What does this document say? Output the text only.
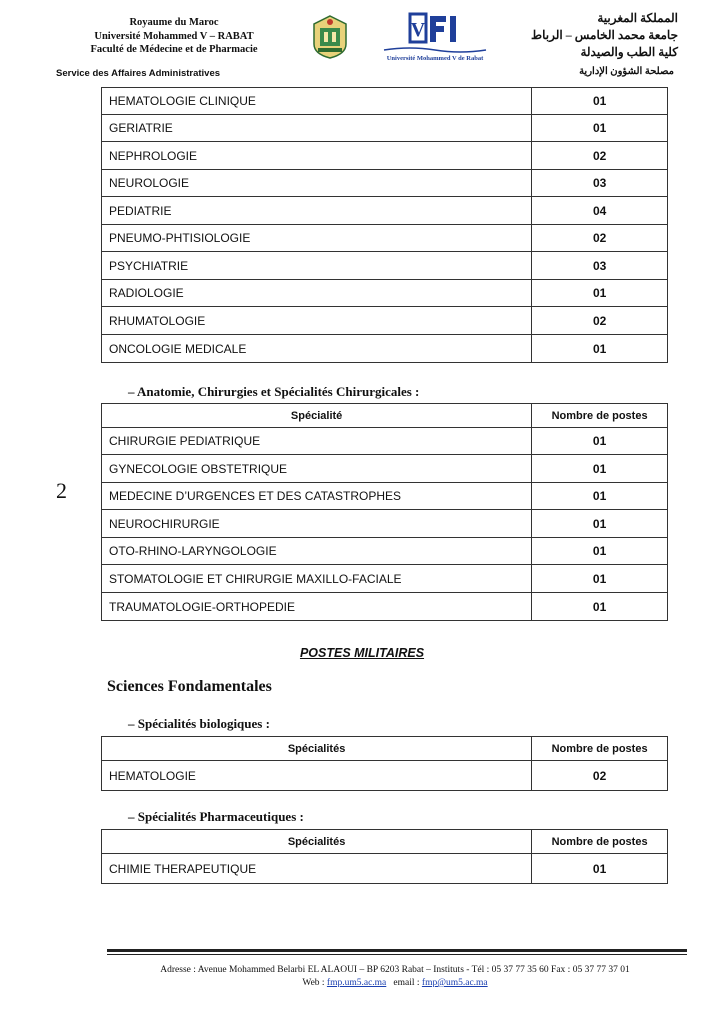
Royaume du Maroc
Université Mohammed V – RABAT
Faculté de Médecine et de Pharmacie
Service des Affaires Administratives
V
Université Mohammed V de Rabat
المملكة المغربية
جامعة محمد الخامس – الرباط
كلية الطب والصيدلة
مصلحة الشؤون الإدارية
HEMATOLOGIE CLINIQUE	01
GERIATRIE	01
NEPHROLOGIE	02
NEUROLOGIE	03
PEDIATRIE	04
PNEUMO-PHTISIOLOGIE	02
PSYCHIATRIE	03
RADIOLOGIE	01
RHUMATOLOGIE	02
ONCOLOGIE MEDICALE	01
– Anatomie, Chirurgies et Spécialités Chirurgicales :
Spécialité	Nombre de postes
CHIRURGIE PEDIATRIQUE	01
GYNECOLOGIE OBSTETRIQUE	01
MEDECINE D’URGENCES ET DES CATASTROPHES	01
NEUROCHIRURGIE	01
OTO-RHINO-LARYNGOLOGIE	01
STOMATOLOGIE ET CHIRURGIE MAXILLO-FACIALE	01
TRAUMATOLOGIE-ORTHOPEDIE	01
2
POSTES MILITAIRES
Sciences Fondamentales
– Spécialités biologiques :
Spécialités	Nombre de postes
HEMATOLOGIE	02
– Spécialités Pharmaceutiques :
Spécialités	Nombre de postes
CHIMIE THERAPEUTIQUE	01
Adresse : Avenue Mohammed Belarbi EL ALAOUI – BP 6203 Rabat – Instituts - Tél : 05 37 77 35 60 Fax : 05 37 77 37 01
Web : fmp.um5.ac.ma email : fmp@um5.ac.ma
